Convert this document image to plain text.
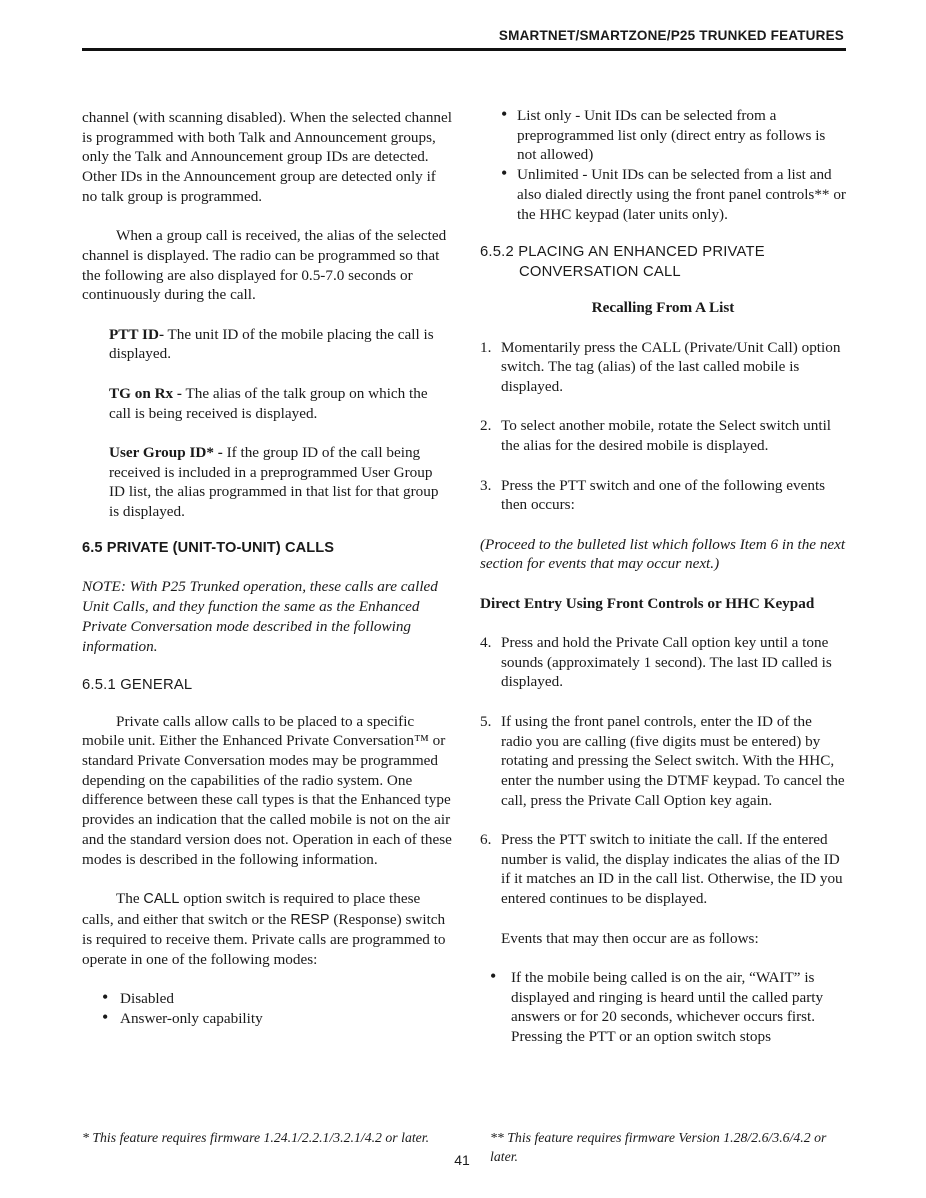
SMARTNET/SMARTZONE/P25 TRUNKED FEATURES

channel (with scanning disabled). When the selected channel is programmed with both Talk and Announcement groups, only the Talk and Announcement group IDs are detected. Other IDs in the Announcement group are detected only if no talk group is programmed.

When a group call is received, the alias of the selected channel is displayed. The radio can be programmed so that the following are also displayed for 0.5-7.0 seconds or continuously during the call.

PTT ID- The unit ID of the mobile placing the call is displayed.

TG on Rx - The alias of the talk group on which the call is being received is displayed.

User Group ID* - If the group ID of the call being received is included in a preprogrammed User Group ID list, the alias programmed in that list for that group is displayed.

6.5 PRIVATE (UNIT-TO-UNIT) CALLS

NOTE: With P25 Trunked operation, these calls are called Unit Calls, and they function the same as the Enhanced Private Conversation mode described in the following information.

6.5.1 GENERAL

Private calls allow calls to be placed to a specific mobile unit. Either the Enhanced Private Conversation™ or standard Private Conversation modes may be programmed depending on the capabilities of the radio system. One difference between these call types is that the Enhanced type provides an indication that the called mobile is not on the air and the standard version does not. Operation in each of these modes is described in the following information.

The CALL option switch is required to place these calls, and either that switch or the RESP (Response) switch is required to receive them. Private calls are programmed to operate in one of the following modes:

• Disabled
• Answer-only capability
• List only - Unit IDs can be selected from a preprogrammed list only (direct entry as follows is not allowed)
• Unlimited - Unit IDs can be selected from a list and also dialed directly using the front panel controls** or the HHC keypad (later units only).
6.5.2 PLACING AN ENHANCED PRIVATE
CONVERSATION CALL
Recalling From A List
1. Momentarily press the CALL (Private/Unit Call) option switch. The tag (alias) of the last called mobile is displayed.
2. To select another mobile, rotate the Select switch until the alias for the desired mobile is displayed.
3. Press the PTT switch and one of the following events then occurs:

(Proceed to the bulleted list which follows Item 6 in the next section for events that may occur next.)

Direct Entry Using Front Controls or HHC Keypad
4. Press and hold the Private Call option key until a tone sounds (approximately 1 second). The last ID called is displayed.
5. If using the front panel controls, enter the ID of the radio you are calling (five digits must be entered) by rotating and pressing the Select switch. With the HHC, enter the number using the DTMF keypad. To cancel the call, press the Private Call Option key again.
6. Press the PTT switch to initiate the call. If the entered number is valid, the display indicates the alias of the ID if it matches an ID in the call list. Otherwise, the ID you entered continues to be displayed.

Events that may then occur are as follows:

• If the mobile being called is on the air, “WAIT” is displayed and ringing is heard until the called party answers or for 20 seconds, whichever occurs first. Pressing the PTT or an option switch stops
* This feature requires firmware 1.24.1/2.2.1/3.2.1/4.2 or later.	** This feature requires firmware Version 1.28/2.6/3.6/4.2 or later.
41
